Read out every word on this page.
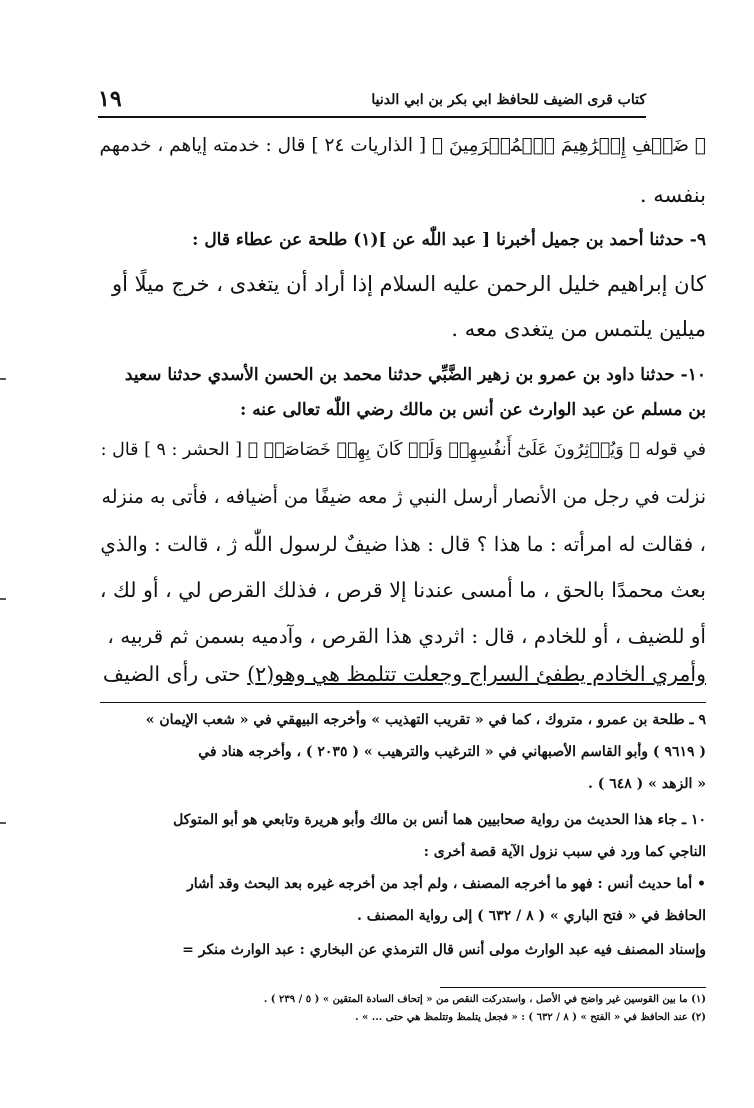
كتاب قرى الضيف للحافظ ابي بكر بن ابي الدنيا
١٩
﴿ ضَيۡفِ إِبۡرَٰهِيمَ ٱلۡمُكۡرَمِينَ ﴾ [ الذاريات ٢٤ ] قال : خدمته إياهم ، خدمهم
بنفسه .
٩- حدثنا أحمد بن جميل أخبرنا [ عبد اللّٰه عن ](١) طلحة عن عطاء قال :
كان إبراهيم خليل الرحمن عليه السلام إذا أراد أن يتغدى ، خرج ميلًا أو
ميلين يلتمس من يتغدى معه .
١٠- حدثنا داود بن عمرو بن زهير الضَّبِّي حدثنا محمد بن الحسن الأسدي حدثنا سعيد
بن مسلم عن عبد الوارث عن أنس بن مالك رضي اللّٰه تعالى عنه :
في قوله ﴿ وَيُؤۡثِرُونَ عَلَىٰٓ أَنفُسِهِمۡ وَلَوۡ كَانَ بِهِمۡ خَصَاصَةٞ ﴾ [ الحشر : ٩ ] قال :
نزلت في رجل من الأنصار أرسل النبي ژ معه ضيفًا من أضيافه ، فأتى به منزله
، فقالت له امرأته : ما هذا ؟ قال : هذا ضيفٌ لرسول اللّٰه ژ ، قالت : والذي
بعث محمدًا بالحق ، ما أمسى عندنا إلا قرص ، فذلك القرص لي ، أو لك ،
أو للضيف ، أو للخادم ، قال : اثردي هذا القرص ، وآدميه بسمن ثم قربيه ،
وأمري الخادم يطفئ السراج وجعلت تتلمظ هي وهو(٢) حتى رأى الضيف
٩ ـ طلحة بن عمرو ، متروك ، كما في « تقريب التهذيب » وأخرجه البيهقي في « شعب الإيمان »
( ٩٦١٩ ) وأبو القاسم الأصبهاني في « الترغيب والترهيب » ( ٢٠٣٥ ) ، وأخرجه هناد في
« الزهد » ( ٦٤٨ ) .
١٠ ـ جاء هذا الحديث من رواية صحابيين هما أنس بن مالك وأبو هريرة وتابعي هو أبو المتوكل
الناجي كما ورد في سبب نزول الآية قصة أخرى :
• أما حديث أنس : فهو ما أخرجه المصنف ، ولم أجد من أخرجه غيره بعد البحث وقد أشار
الحافظ في « فتح الباري » ( ٨ / ٦٣٢ ) إلى رواية المصنف .
وإسناد المصنف فيه عبد الوارث مولى أنس قال الترمذي عن البخاري : عبد الوارث منكر =
(١) ما بين القوسين غير واضح في الأصل ، واستدركت النقص من « إتحاف السادة المتقين » ( ٥ / ٢٣٩ ) .
(٢) عند الحافظ في « الفتح » ( ٨ / ٦٣٢ ) : « فجعل يتلمظ وتتلمظ هي حتى ... » .
